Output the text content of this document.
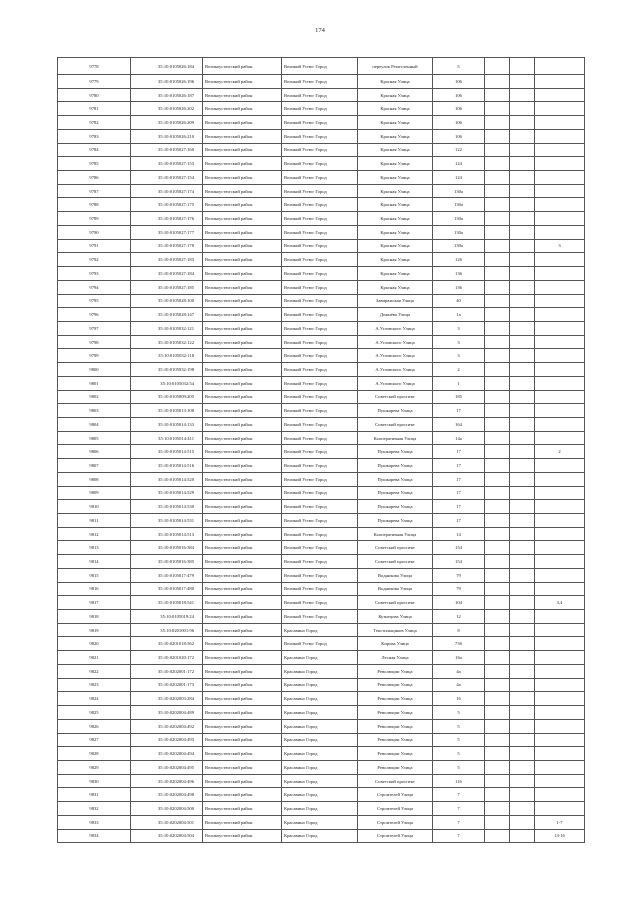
174
9778	35:10:0105026:184	Великоустюгский район	Великий Устюг Город	переулок Ремесленный	5			
9779	35:10:0105026:196	Великоустюгский район	Великий Устюг Город	Красная Улица	106			
9780	35:10:0105026:187	Великоустюгский район	Великий Устюг Город	Красная Улица	106			
9781	35:10:0105026:202	Великоустюгский район	Великий Устюг Город	Красная Улица	106			
9782	35:10:0105026:209	Великоустюгский район	Великий Устюг Город	Красная Улица	106			
9783	35:10:0105026:210	Великоустюгский район	Великий Устюг Город	Красная Улица	106			
9784	35:10:0105027:160	Великоустюгский район	Великий Устюг Город	Красная Улица	122			
9785	35:10:0105027:153	Великоустюгский район	Великий Устюг Город	Красная Улица	124			
9786	35:10:0105027:154	Великоустюгский район	Великий Устюг Город	Красная Улица	124			
9787	35:10:0105027:174	Великоустюгский район	Великий Устюг Город	Красная Улица	130а			
9788	35:10:0105027:175	Великоустюгский район	Великий Устюг Город	Красная Улица	130а			
9789	35:10:0105027:176	Великоустюгский район	Великий Устюг Город	Красная Улица	130а			
9790	35:10:0105027:177	Великоустюгский район	Великий Устюг Город	Красная Улица	130а			
9791	35:10:0105027:178	Великоустюгский район	Великий Устюг Город	Красная Улица	130а			3
9792	35:10:0105027:183	Великоустюгский район	Великий Устюг Город	Красная Улица	126			
9793	35:10:0105027:184	Великоустюгский район	Великий Устюг Город	Красная Улица	136			
9794	35:10:0105027:185	Великоустюгский район	Великий Устюг Город	Красная Улица	136			
9795	35:10:0105028:100	Великоустюгский район	Великий Устюг Город	Завиражская Улица	40			
9796	35:10:0105028:147	Великоустюгский район	Великий Устюг Город	Дежнёва Улица	1а			
9797	35:10:0105032:121	Великоустюгский район	Великий Устюг Город	А.Угловского Улица	3			
9798	35:10:0105032:122	Великоустюгский район	Великий Устюг Город	А.Угловского Улица	3			
9799	35:10:0105032:118	Великоустюгский район	Великий Устюг Город	А.Угловского Улица	3			
9800	35:10:0105032:198	Великоустюгский район	Великий Устюг Город	А.Угловского Улица	2			
9801	35:10:0105032:54	Великоустюгский район	Великий Устюг Город	А.Угловского Улица	1			
9802	35:10:0105009:205	Великоустюгский район	Великий Устюг Город	Советский проспект	185			
9803	35:10:0105013:108	Великоустюгский район	Великий Устюг Город	Пушкарева Улица	17			
9804	35:10:0105014:133	Великоустюгский район	Великий Устюг Город	Советский проспект	164			
9805	35:10:0105014:411	Великоустюгский район	Великий Устюг Город	Кооперативная Улица	14а			
9806	35:10:0105014:515	Великоустюгский район	Великий Устюг Город	Пушкарева Улица	17			2
9807	35:10:0105014:516	Великоустюгский район	Великий Устюг Город	Пушкарева Улица	17			
9808	35:10:0105014:520	Великоустюгский район	Великий Устюг Город	Пушкарева Улица	17			
9809	35:10:0105014:529	Великоустюгский район	Великий Устюг Город	Пушкарева Улица	17			
9810	35:10:0105014:530	Великоустюгский район	Великий Устюг Город	Пушкарева Улица	17			
9811	35:10:0105014:531	Великоустюгский район	Великий Устюг Город	Пушкарева Улица	17			
9812	35:10:0105014:513	Великоустюгский район	Великий Устюг Город	Кооперативная Улица	14			
9813	35:10:0105016:384	Великоустюгский район	Великий Устюг Город	Советский проспект	154			
9814	35:10:0105016:385	Великоустюгский район	Великий Устюг Город	Советский проспект	154			
9815	35:10:0105017:479	Великоустюгский район	Великий Устюг Город	Водникова Улица	79			
9816	35:10:0105017:480	Великоустюгский район	Великий Устюг Город	Водникова Улица	79			
9817	35:10:0105018:541	Великоустюгский район	Великий Устюг Город	Советский проспект	104			3,4
9818	35:10:0105019:24	Великоустюгский район	Великий Устюг Город	Кузнецова Улица	12			
9819	35:10:0201001:96	Великоустюгский район	Красавино Город	Текстильщиков Улица	8			
9820	35:10:0201018:562	Великоустюгский район	Великий Устюг Город	Кирова Улица	73б			
9821	35:10:0201020:172	Великоустюгский район	Красавино Город	Лесная Улица	16а			
9822	35:10:0202001:172	Великоустюгский район	Красавино Город	Революции Улица	4а			
9823	35:10:0202001:173	Великоустюгский район	Красавино Город	Революции Улица	4а			
9824	35:10:0202003:284	Великоустюгский район	Красавино Город	Революции Улица	16			
9825	35:10:0202004:489	Великоустюгский район	Красавино Город	Революции Улица	5			
9826	35:10:0202004:492	Великоустюгский район	Красавино Город	Революции Улица	5			
9827	35:10:0202004:493	Великоустюгский район	Красавино Город	Революции Улица	5			
9828	35:10:0202004:494	Великоустюгский район	Красавино Город	Революции Улица	5			
9829	35:10:0202004:495	Великоустюгский район	Красавино Город	Революции Улица	5			
9830	35:10:0202004:496	Великоустюгский район	Красавино Город	Советский проспект	116			
9831	35:10:0202004:498	Великоустюгский район	Красавино Город	Строителей Улица	7			
9832	35:10:0202004:500	Великоустюгский район	Красавино Город	Строителей Улица	7			
9833	35:10:0202004:501	Великоустюгский район	Красавино Город	Строителей Улица	7			1-7
9834	35:10:0202004:504	Великоустюгский район	Красавино Город	Строителей Улица	7			13-16
